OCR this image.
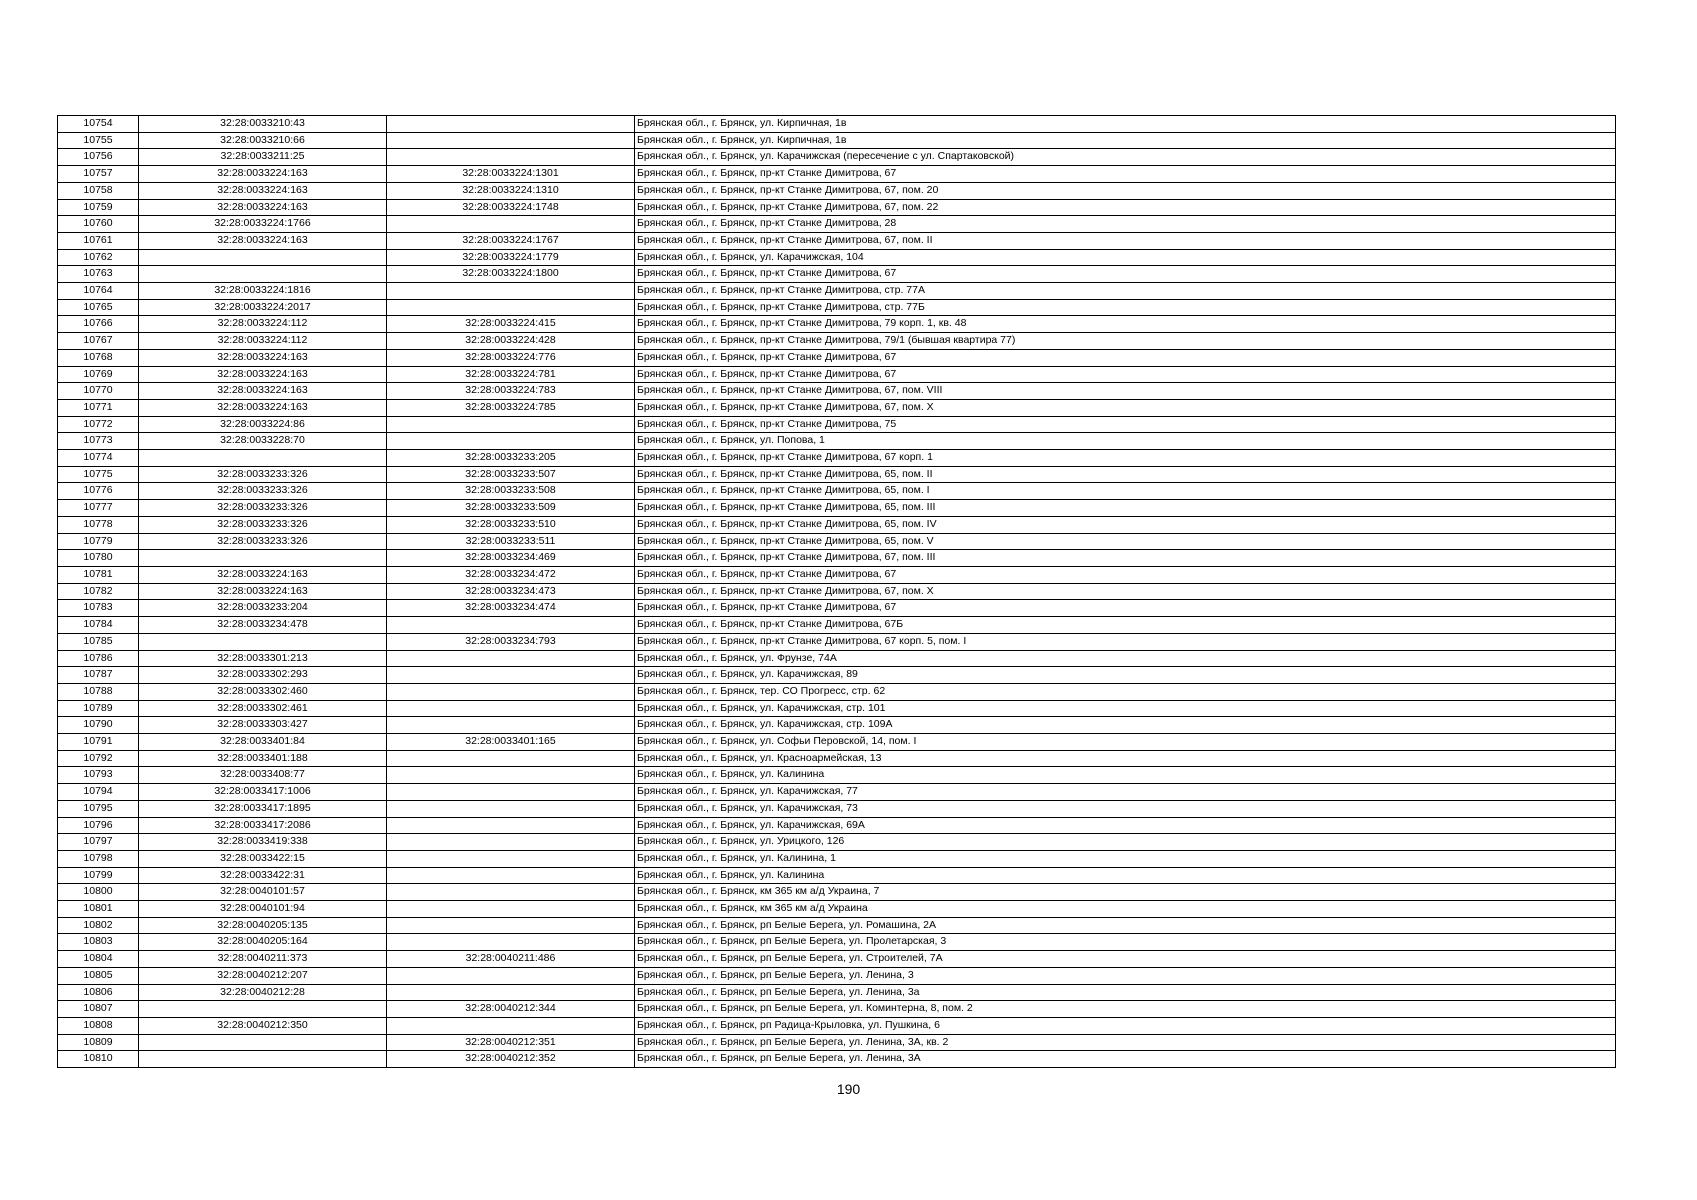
10754	32:28:0033210:43		Брянская обл., г. Брянск, ул. Кирпичная, 1в
10755	32:28:0033210:66		Брянская обл., г. Брянск, ул. Кирпичная, 1в
10756	32:28:0033211:25		Брянская обл., г. Брянск, ул. Карачижская (пересечение с ул. Спартаковской)
10757	32:28:0033224:163	32:28:0033224:1301	Брянская обл., г. Брянск, пр-кт Станке Димитрова, 67
10758	32:28:0033224:163	32:28:0033224:1310	Брянская обл., г. Брянск, пр-кт Станке Димитрова, 67, пом. 20
10759	32:28:0033224:163	32:28:0033224:1748	Брянская обл., г. Брянск, пр-кт Станке Димитрова, 67, пом. 22
10760	32:28:0033224:1766		Брянская обл., г. Брянск, пр-кт Станке Димитрова, 28
10761	32:28:0033224:163	32:28:0033224:1767	Брянская обл., г. Брянск, пр-кт Станке Димитрова, 67, пом. II
10762		32:28:0033224:1779	Брянская обл., г. Брянск, ул. Карачижская, 104
10763		32:28:0033224:1800	Брянская обл., г. Брянск, пр-кт Станке Димитрова, 67
10764	32:28:0033224:1816		Брянская обл., г. Брянск, пр-кт Станке Димитрова, стр. 77А
10765	32:28:0033224:2017		Брянская обл., г. Брянск, пр-кт Станке Димитрова, стр. 77Б
10766	32:28:0033224:112	32:28:0033224:415	Брянская обл., г. Брянск, пр-кт Станке Димитрова, 79 корп. 1, кв. 48
10767	32:28:0033224:112	32:28:0033224:428	Брянская обл., г. Брянск, пр-кт Станке Димитрова, 79/1 (бывшая квартира 77)
10768	32:28:0033224:163	32:28:0033224:776	Брянская обл., г. Брянск, пр-кт Станке Димитрова, 67
10769	32:28:0033224:163	32:28:0033224:781	Брянская обл., г. Брянск, пр-кт Станке Димитрова, 67
10770	32:28:0033224:163	32:28:0033224:783	Брянская обл., г. Брянск, пр-кт Станке Димитрова, 67, пом. VIII
10771	32:28:0033224:163	32:28:0033224:785	Брянская обл., г. Брянск, пр-кт Станке Димитрова, 67, пом. Х
10772	32:28:0033224:86		Брянская обл., г. Брянск, пр-кт Станке Димитрова, 75
10773	32:28:0033228:70		Брянская обл., г. Брянск, ул. Попова, 1
10774		32:28:0033233:205	Брянская обл., г. Брянск, пр-кт Станке Димитрова, 67 корп. 1
10775	32:28:0033233:326	32:28:0033233:507	Брянская обл., г. Брянск, пр-кт Станке Димитрова, 65, пом. II
10776	32:28:0033233:326	32:28:0033233:508	Брянская обл., г. Брянск, пр-кт Станке Димитрова, 65, пом. I
10777	32:28:0033233:326	32:28:0033233:509	Брянская обл., г. Брянск, пр-кт Станке Димитрова, 65, пом. III
10778	32:28:0033233:326	32:28:0033233:510	Брянская обл., г. Брянск, пр-кт Станке Димитрова, 65, пом. IV
10779	32:28:0033233:326	32:28:0033233:511	Брянская обл., г. Брянск, пр-кт Станке Димитрова, 65, пом. V
10780		32:28:0033234:469	Брянская обл., г. Брянск, пр-кт Станке Димитрова, 67, пом. III
10781	32:28:0033224:163	32:28:0033234:472	Брянская обл., г. Брянск, пр-кт Станке Димитрова, 67
10782	32:28:0033224:163	32:28:0033234:473	Брянская обл., г. Брянск, пр-кт Станке Димитрова, 67, пом. Х
10783	32:28:0033233:204	32:28:0033234:474	Брянская обл., г. Брянск, пр-кт Станке Димитрова, 67
10784	32:28:0033234:478		Брянская обл., г. Брянск, пр-кт Станке Димитрова, 67Б
10785		32:28:0033234:793	Брянская обл., г. Брянск, пр-кт Станке Димитрова, 67 корп. 5, пом. I
10786	32:28:0033301:213		Брянская обл., г. Брянск, ул. Фрунзе, 74А
10787	32:28:0033302:293		Брянская обл., г. Брянск, ул. Карачижская, 89
10788	32:28:0033302:460		Брянская обл., г. Брянск, тер. СО Прогресс, стр. 62
10789	32:28:0033302:461		Брянская обл., г. Брянск, ул. Карачижская, стр. 101
10790	32:28:0033303:427		Брянская обл., г. Брянск, ул. Карачижская, стр. 109А
10791	32:28:0033401:84	32:28:0033401:165	Брянская обл., г. Брянск, ул. Софьи Перовской, 14, пом. I
10792	32:28:0033401:188		Брянская обл., г. Брянск, ул. Красноармейская, 13
10793	32:28:0033408:77		Брянская обл., г. Брянск, ул. Калинина
10794	32:28:0033417:1006		Брянская обл., г. Брянск, ул. Карачижская, 77
10795	32:28:0033417:1895		Брянская обл., г. Брянск, ул. Карачижская, 73
10796	32:28:0033417:2086		Брянская обл., г. Брянск, ул. Карачижская, 69А
10797	32:28:0033419:338		Брянская обл., г. Брянск, ул. Урицкого, 126
10798	32:28:0033422:15		Брянская обл., г. Брянск, ул. Калинина, 1
10799	32:28:0033422:31		Брянская обл., г. Брянск, ул. Калинина
10800	32:28:0040101:57		Брянская обл., г. Брянск, км 365 км а/д Украина, 7
10801	32:28:0040101:94		Брянская обл., г. Брянск, км 365 км а/д Украина
10802	32:28:0040205:135		Брянская обл., г. Брянск, рп Белые Берега, ул. Ромашина, 2А
10803	32:28:0040205:164		Брянская обл., г. Брянск, рп Белые Берега, ул. Пролетарская, 3
10804	32:28:0040211:373	32:28:0040211:486	Брянская обл., г. Брянск, рп Белые Берега, ул. Строителей, 7А
10805	32:28:0040212:207		Брянская обл., г. Брянск, рп Белые Берега, ул. Ленина, 3
10806	32:28:0040212:28		Брянская обл., г. Брянск, рп Белые Берега, ул. Ленина, 3а
10807		32:28:0040212:344	Брянская обл., г. Брянск, рп Белые Берега, ул. Коминтерна, 8, пом. 2
10808	32:28:0040212:350		Брянская обл., г. Брянск, рп Радица-Крыловка, ул. Пушкина, 6
10809		32:28:0040212:351	Брянская обл., г. Брянск, рп Белые Берега, ул. Ленина, 3А, кв. 2
10810		32:28:0040212:352	Брянская обл., г. Брянск, рп Белые Берега, ул. Ленина, 3А
190
